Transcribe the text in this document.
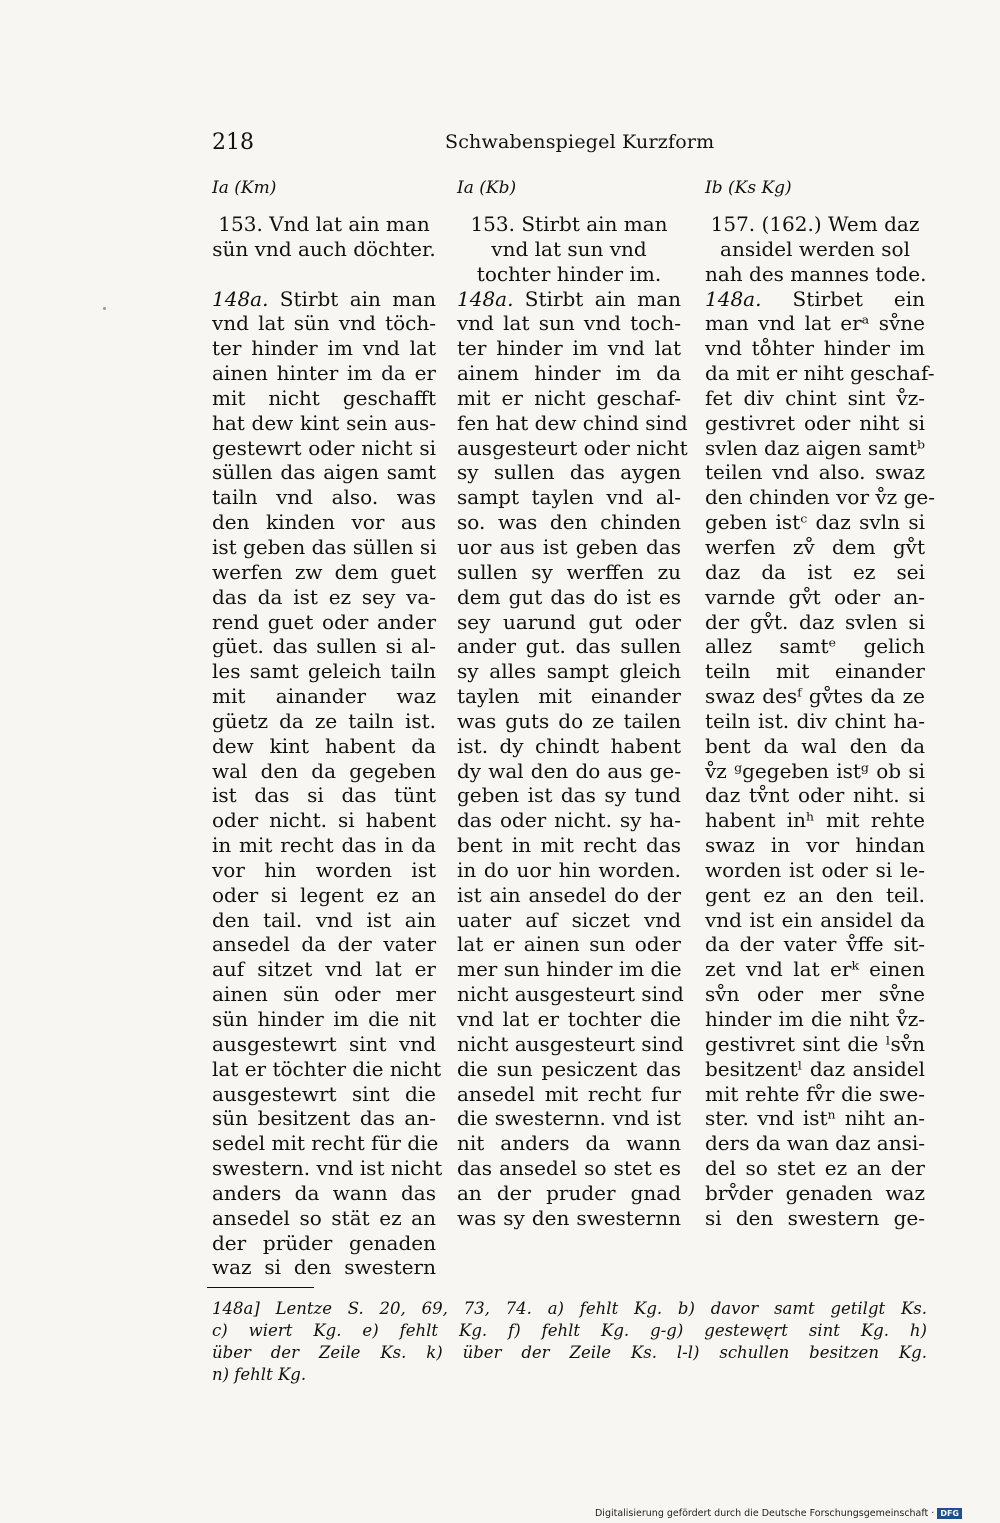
218	Schwabenspiegel Kurzform
Ia (Km)	Ia (Kb)	Ib (Ks Kg)
153. Vnd lat ain man
sün vnd auch döchter.
148a. Stirbt ain man
vnd lat sün vnd töch-
ter hinder im vnd lat
ainen hinter im da er
mit nicht geschafft
hat dew kint sein aus-
gestewrt oder nicht si
süllen das aigen samt
tailn vnd also. was
den kinden vor aus
ist geben das süllen si
werfen zw dem guet
das da ist ez sey va-
rend guet oder ander
güet. das sullen si al-
les samt geleich tailn
mit ainander waz
güetz da ze tailn ist.
dew kint habent da
wal den da gegeben
ist das si das tünt
oder nicht. si habent
in mit recht das in da
vor hin worden ist
oder si legent ez an
den tail. vnd ist ain
ansedel da der vater
auf sitzet vnd lat er
ainen sün oder mer
sün hinder im die nit
ausgestewrt sint vnd
lat er töchter die nicht
ausgestewrt sint die
sün besitzent das an-
sedel mit recht für die
swestern. vnd ist nicht
anders da wann das
ansedel so stät ez an
der prüder genaden
waz si den swestern
153. Stirbt ain man
vnd lat sun vnd
tochter hinder im.
148a. Stirbt ain man
vnd lat sun vnd toch-
ter hinder im vnd lat
ainem hinder im da
mit er nicht geschaf-
fen hat dew chind sind
ausgesteurt oder nicht
sy sullen das aygen
sampt taylen vnd al-
so. was den chinden
uor aus ist geben das
sullen sy werffen zu
dem gut das do ist es
sey uarund gut oder
ander gut. das sullen
sy alles sampt gleich
taylen mit einander
was guts do ze tailen
ist. dy chindt habent
dy wal den do aus ge-
geben ist das sy tund
das oder nicht. sy ha-
bent in mit recht das
in do uor hin worden.
ist ain ansedel do der
uater auf siczet vnd
lat er ainen sun oder
mer sun hinder im die
nicht ausgesteurt sind
vnd lat er tochter die
nicht ausgesteurt sind
die sun pesiczent das
ansedel mit recht fur
die swesternn. vnd ist
nit anders da wann
das ansedel so stet es
an der pruder gnad
was sy den swesternn
157. (162.) Wem daz
ansidel werden sol
nah des mannes tode.
148a. Stirbet ein
man vnd lat erᵃ sv̊ne
vnd to̊hter hinder im
da mit er niht geschaf-
fet div chint sint v̊z-
gestivret oder niht si
svlen daz aigen samtᵇ
teilen vnd also. swaz
den chinden vor v̊z ge-
geben istᶜ daz svln si
werfen zv̊ dem gv̊t
daz da ist ez sei
varnde gv̊t oder an-
der gv̊t. daz svlen si
allez samtᵉ gelich
teiln mit einander
swaz desᶠ gv̊tes da ze
teiln ist. div chint ha-
bent da wal den da
v̊z ᵍgegeben istᵍ ob si
daz tv̊nt oder niht. si
habent inʰ mit rehte
swaz in vor hindan
worden ist oder si le-
gent ez an den teil.
vnd ist ein ansidel da
da der vater v̊ffe sit-
zet vnd lat erᵏ einen
sv̊n oder mer sv̊ne
hinder im die niht v̊z-
gestivret sint die ˡsv̊n
besitzentˡ daz ansidel
mit rehte fv̊r die swe-
ster. vnd istⁿ niht an-
ders da wan daz ansi-
del so stet ez an der
brv̊der genaden waz
si den swestern ge-
148a] Lentze S. 20, 69, 73, 74. a) fehlt Kg. b) davor samt getilgt Ks.
c) wiert Kg. e) fehlt Kg. f) fehlt Kg. g-g) gestewęrt sint Kg. h)
über der Zeile Ks. k) über der Zeile Ks. l-l) schullen besitzen Kg.
n) fehlt Kg.
Digitalisierung gefördert durch die Deutsche Forschungsgemeinschaft · DFG
